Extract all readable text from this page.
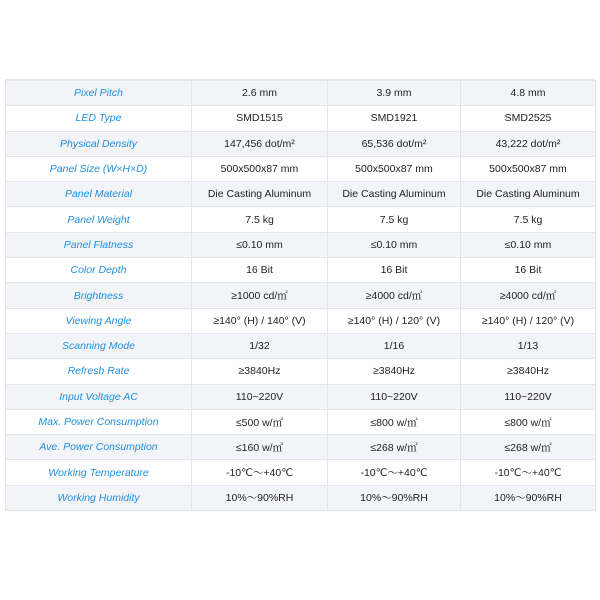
Pixel Pitch	2.6 mm	3.9 mm	4.8 mm
LED Type	SMD1515	SMD1921	SMD2525
Physical Density	147,456 dot/m²	65,536 dot/m²	43,222 dot/m²
Panel Size (W×H×D)	500x500x87 mm	500x500x87 mm	500x500x87 mm
Panel Material	Die Casting Aluminum	Die Casting Aluminum	Die Casting Aluminum
Panel Weight	7.5 kg	7.5 kg	7.5 kg
Panel Flatness	≤0.10 mm	≤0.10 mm	≤0.10 mm
Color Depth	16 Bit	16 Bit	16 Bit
Brightness	≥1000 cd/㎡	≥4000 cd/㎡	≥4000 cd/㎡
Viewing Angle	≥140° (H) / 140° (V)	≥140° (H) / 120° (V)	≥140° (H) / 120° (V)
Scanning Mode	1/32	1/16	1/13
Refresh Rate	≥3840Hz	≥3840Hz	≥3840Hz
Input Voltage AC	110~220V	110~220V	110~220V
Max. Power Consumption	≤500 w/㎡	≤800 w/㎡	≤800 w/㎡
Ave. Power Consumption	≤160 w/㎡	≤268 w/㎡	≤268 w/㎡
Working Temperature	-10℃～+40℃	-10℃～+40℃	-10℃～+40℃
Working Humidity	10%～90%RH	10%～90%RH	10%～90%RH
